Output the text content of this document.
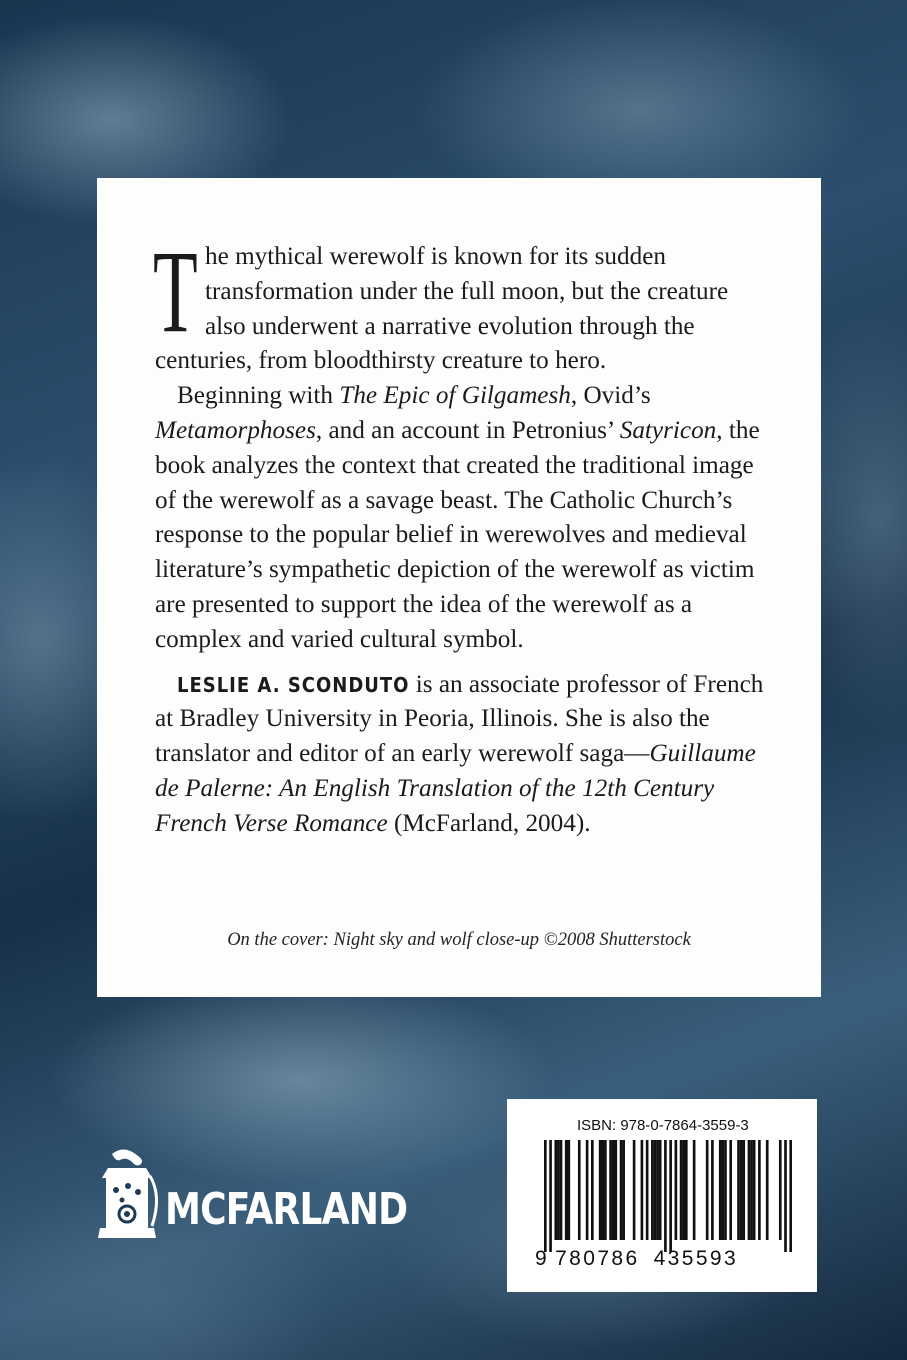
The mythical werewolf is known for its sudden transformation under the full moon, but the creature also underwent a narrative evolution through the centuries, from bloodthirsty creature to hero.

Beginning with The Epic of Gilgamesh, Ovid’s Metamorphoses, and an account in Petronius’ Satyricon, the book analyzes the context that created the traditional image of the werewolf as a savage beast. The Catholic Church’s response to the popular belief in werewolves and medieval literature’s sympathetic depiction of the werewolf as victim are presented to support the idea of the werewolf as a complex and varied cultural symbol.

LESLIE A. SCONDUTO is an associate professor of French at Bradley University in Peoria, Illinois. She is also the translator and editor of an early werewolf saga—Guillaume de Palerne: An English Translation of the 12th Century French Verse Romance (McFarland, 2004).

On the cover: Night sky and wolf close-up ©2008 Shutterstock
MCFARLAND
ISBN: 978-0-7864-3559-3
9 780786 435593
